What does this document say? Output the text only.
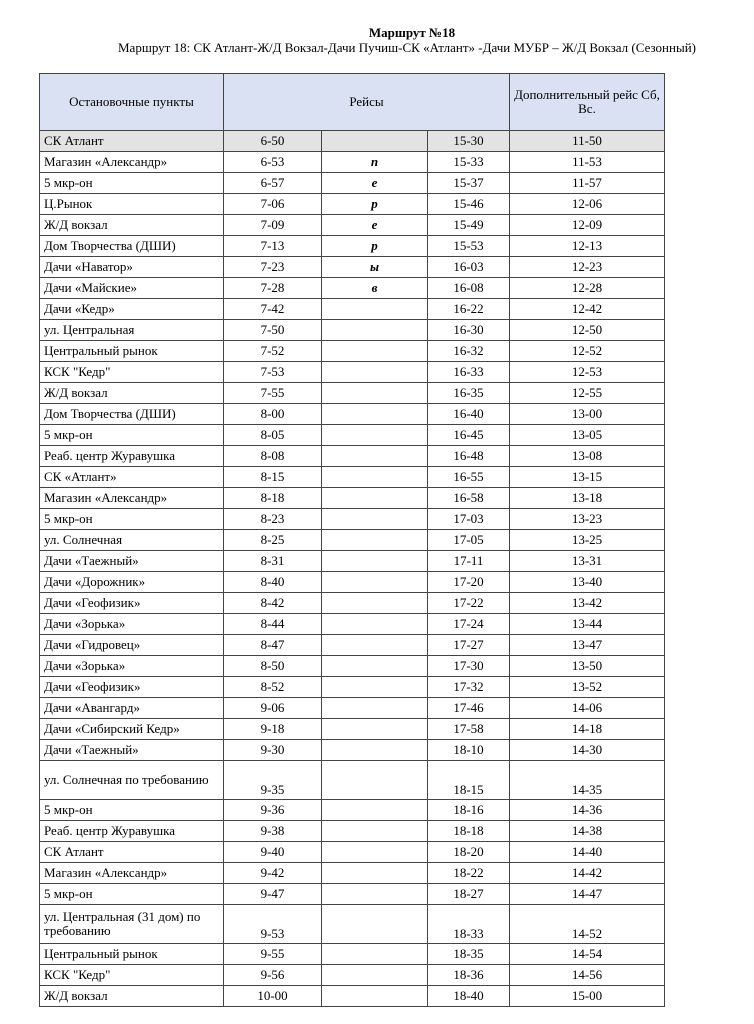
Маршрут №18
Маршрут 18: СК Атлант-Ж/Д Вокзал-Дачи Пучиш-СК «Атлант» -Дачи МУБР – Ж/Д Вокзал (Сезонный)
Остановочные пункты	Рейсы			Дополнительный рейс Сб, Вс.
СК Атлант	6-50		15-30	11-50
Магазин «Александр»	6-53	п	15-33	11-53
5 мкр-он	6-57	е	15-37	11-57
Ц.Рынок	7-06	р	15-46	12-06
Ж/Д вокзал	7-09	е	15-49	12-09
Дом Творчества (ДШИ)	7-13	р	15-53	12-13
Дачи «Наватор»	7-23	ы	16-03	12-23
Дачи «Майские»	7-28	в	16-08	12-28
Дачи «Кедр»	7-42		16-22	12-42
ул. Центральная	7-50		16-30	12-50
Центральный рынок	7-52		16-32	12-52
КСК "Кедр"	7-53		16-33	12-53
Ж/Д вокзал	7-55		16-35	12-55
Дом Творчества (ДШИ)	8-00		16-40	13-00
5 мкр-он	8-05		16-45	13-05
Реаб. центр Журавушка	8-08		16-48	13-08
СК «Атлант»	8-15		16-55	13-15
Магазин «Александр»	8-18		16-58	13-18
5 мкр-он	8-23		17-03	13-23
ул. Солнечная	8-25		17-05	13-25
Дачи «Таежный»	8-31		17-11	13-31
Дачи «Дорожник»	8-40		17-20	13-40
Дачи «Геофизик»	8-42		17-22	13-42
Дачи «Зорька»	8-44		17-24	13-44
Дачи «Гидровец»	8-47		17-27	13-47
Дачи «Зорька»	8-50		17-30	13-50
Дачи «Геофизик»	8-52		17-32	13-52
Дачи «Авангард»	9-06		17-46	14-06
Дачи «Сибирский Кедр»	9-18		17-58	14-18
Дачи «Таежный»	9-30		18-10	14-30
ул. Солнечная по требованию	9-35		18-15	14-35
5 мкр-он	9-36		18-16	14-36
Реаб. центр Журавушка	9-38		18-18	14-38
СК Атлант	9-40		18-20	14-40
Магазин «Александр»	9-42		18-22	14-42
5 мкр-он	9-47		18-27	14-47
ул. Центральная (31 дом) по требованию	9-53		18-33	14-52
Центральный рынок	9-55		18-35	14-54
КСК "Кедр"	9-56		18-36	14-56
Ж/Д вокзал	10-00		18-40	15-00
